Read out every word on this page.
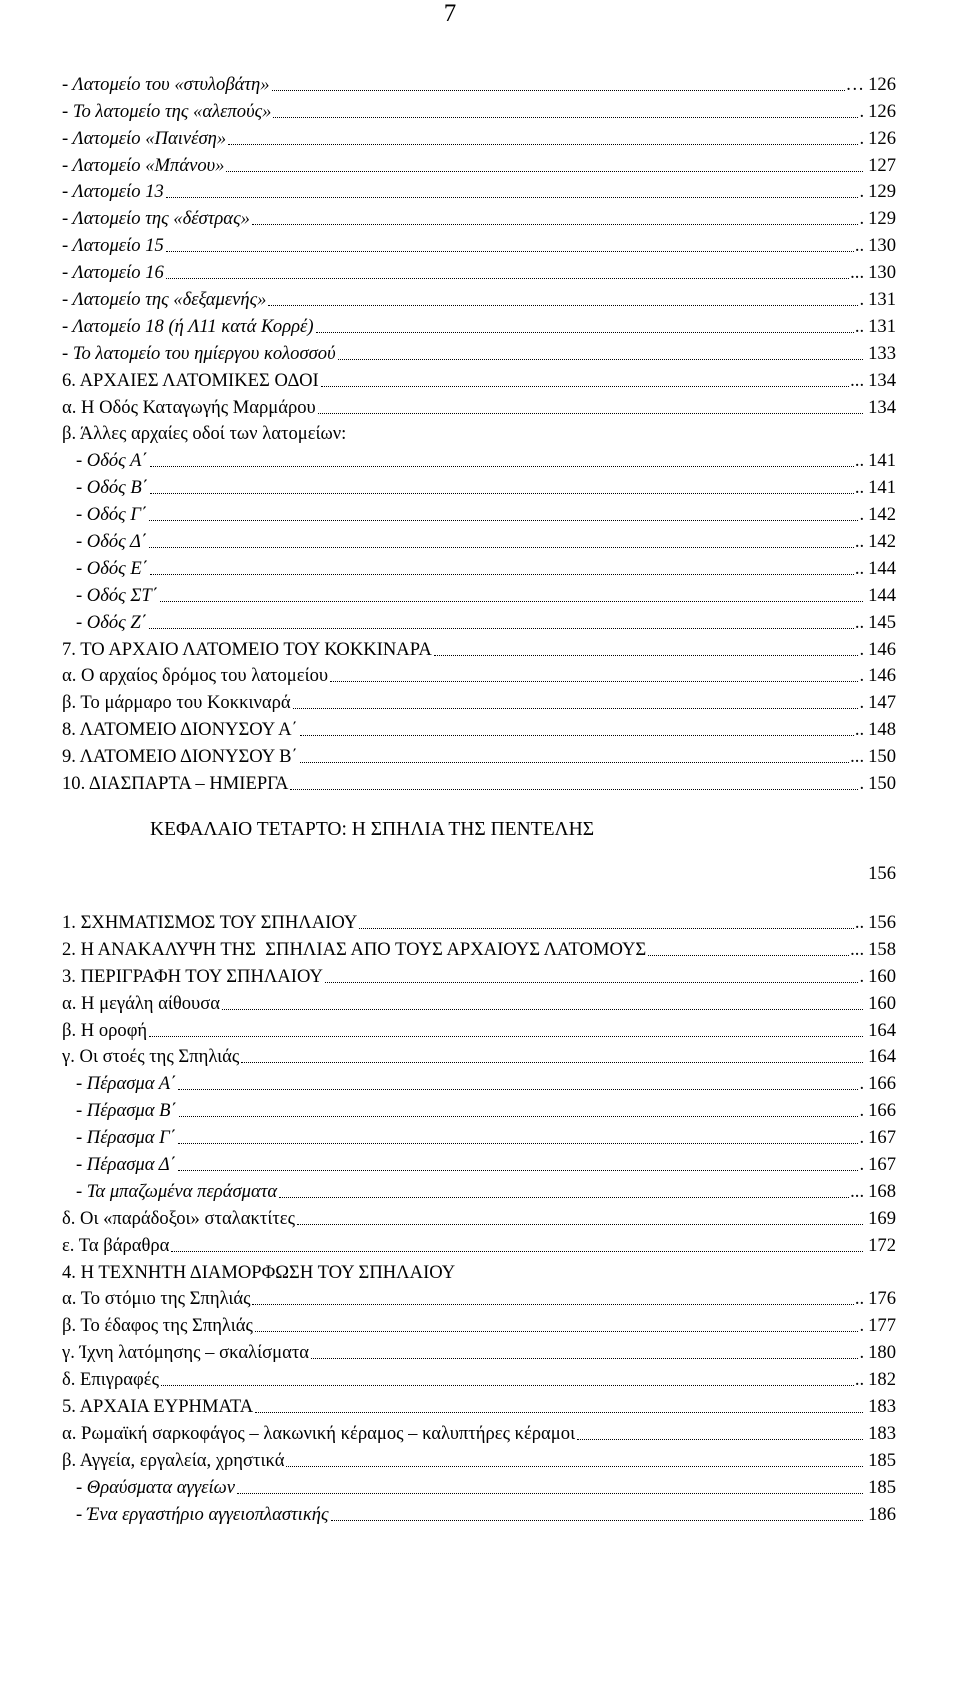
7
- Λατομείο του «στυλοβάτη»	… 126
- Το λατομείο της «αλεπούς»	. 126
- Λατομείο «Παινέση»	. 126
- Λατομείο «Μπάνου»	127
- Λατομείο 13	. 129
- Λατομείο της «δέστρας»	. 129
- Λατομείο 15	.. 130
- Λατομείο 16	... 130
- Λατομείο της «δεξαμενής»	. 131
- Λατομείο 18 (ή Λ11 κατά Κορρέ)	.. 131
- Το λατομείο του ημίεργου κολοσσού	133
6. ΑΡΧΑΙΕΣ ΛΑΤΟΜΙΚΕΣ ΟΔΟΙ	... 134
α. Η Οδός Καταγωγής Μαρμάρου	134
β. Άλλες αρχαίες οδοί των λατομείων:
- Οδός Α΄	.. 141
- Οδός Β΄	.. 141
- Οδός Γ΄	. 142
- Οδός Δ΄	.. 142
- Οδός Ε΄	.. 144
- Οδός ΣΤ΄	144
- Οδός Ζ΄	.. 145
7. ΤΟ ΑΡΧΑΙΟ ΛΑΤΟΜΕΙΟ ΤΟΥ ΚΟΚΚΙΝΑΡΑ	. 146
α. Ο αρχαίος δρόμος του λατομείου	. 146
β. Το μάρμαρο του Κοκκιναρά	. 147
8. ΛΑΤΟΜΕΙΟ ΔΙΟΝΥΣΟΥ Α΄	.. 148
9. ΛΑΤΟΜΕΙΟ ΔΙΟΝΥΣΟΥ Β΄	... 150
10. ΔΙΑΣΠΑΡΤΑ – ΗΜΙΕΡΓΑ	. 150
ΚΕΦΑΛΑΙΟ ΤΕΤΑΡΤΟ: Η ΣΠΗΛΙΑ ΤΗΣ ΠΕΝΤΕΛΗΣ
156
1. ΣΧΗΜΑΤΙΣΜΟΣ ΤΟΥ ΣΠΗΛΑΙΟΥ	.. 156
2. Η ΑΝΑΚΑΛΥΨΗ ΤΗΣ  ΣΠΗΛΙΑΣ ΑΠΟ ΤΟΥΣ ΑΡΧΑΙΟΥΣ ΛΑΤΟΜΟΥΣ	... 158
3. ΠΕΡΙΓΡΑΦΗ ΤΟΥ ΣΠΗΛΑΙΟΥ	. 160
α. Η μεγάλη αίθουσα	160
β. Η οροφή	164
γ. Οι στοές της Σπηλιάς	164
- Πέρασμα Α΄	. 166
- Πέρασμα Β΄	. 166
- Πέρασμα Γ΄	. 167
- Πέρασμα Δ΄	. 167
- Τα μπαζωμένα περάσματα	... 168
δ. Οι «παράδοξοι» σταλακτίτες	169
ε. Τα βάραθρα	172
4. Η ΤΕΧΝΗΤΗ ΔΙΑΜΟΡΦΩΣΗ ΤΟΥ ΣΠΗΛΑΙΟΥ
α. Το στόμιο της Σπηλιάς	.. 176
β. Το έδαφος της Σπηλιάς	. 177
γ. Ίχνη λατόμησης – σκαλίσματα	. 180
δ. Επιγραφές	.. 182
5. ΑΡΧΑΙΑ ΕΥΡΗΜΑΤΑ	183
α. Ρωμαϊκή σαρκοφάγος – λακωνική κέραμος – καλυπτήρες κέραμοι	183
β. Αγγεία, εργαλεία, χρηστικά	185
- Θραύσματα αγγείων	185
- Ένα εργαστήριο αγγειοπλαστικής	186
